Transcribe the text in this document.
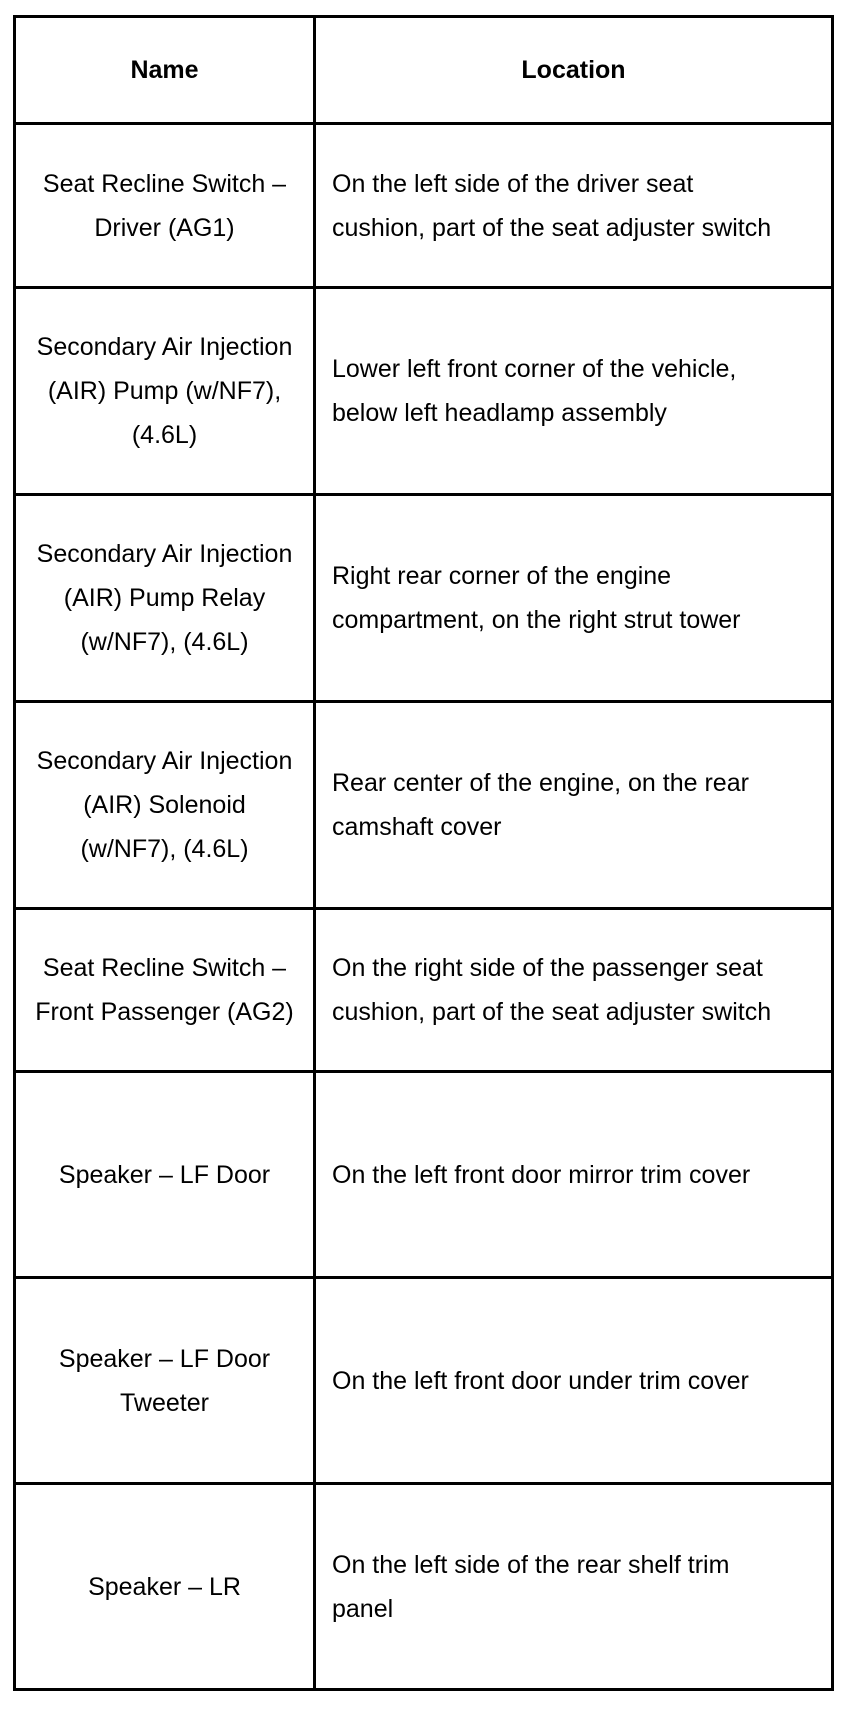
Name	Location
Seat Recline Switch – Driver (AG1)	On the left side of the driver seat cushion, part of the seat adjuster switch
Secondary Air Injection (AIR) Pump (w/NF7), (4.6L)	Lower left front corner of the vehicle, below left headlamp assembly
Secondary Air Injection (AIR) Pump Relay (w/NF7), (4.6L)	Right rear corner of the engine compartment, on the right strut tower
Secondary Air Injection (AIR) Solenoid (w/NF7), (4.6L)	Rear center of the engine, on the rear camshaft cover
Seat Recline Switch – Front Passenger (AG2)	On the right side of the passenger seat cushion, part of the seat adjuster switch
Speaker – LF Door	On the left front door mirror trim cover
Speaker – LF Door Tweeter	On the left front door under trim cover
Speaker – LR	On the left side of the rear shelf trim panel
